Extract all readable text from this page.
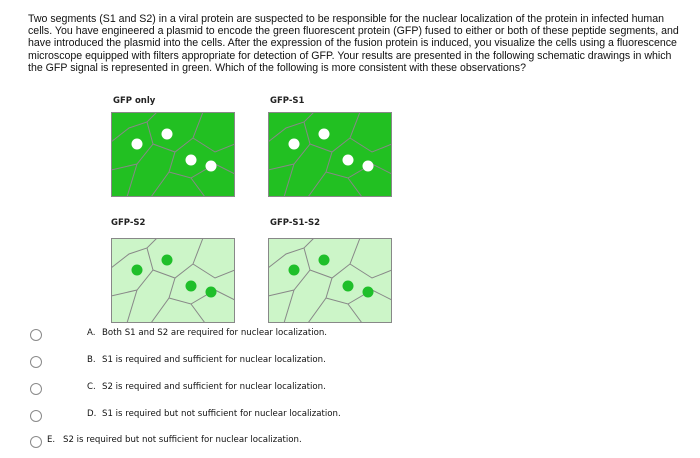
Two segments (S1 and S2) in a viral protein are suspected to be responsible for the nuclear localization of the protein in infected human cells. You have engineered a plasmid to encode the green fluorescent protein (GFP) fused to either or both of these peptide segments, and have introduced the plasmid into the cells. After the expression of the fusion protein is induced, you visualize the cells using a fluorescence microscope equipped with filters appropriate for detection of GFP. Your results are presented in the following schematic drawings in which the GFP signal is represented in green. Which of the following is more consistent with these observations?

GFP only	GFP-S1
GFP-S2	GFP-S1-S2
A. Both S1 and S2 are required for nuclear localization.
B. S1 is required and sufficient for nuclear localization.
C. S2 is required and sufficient for nuclear localization.
D. S1 is required but not sufficient for nuclear localization.
E. S2 is required but not sufficient for nuclear localization.
